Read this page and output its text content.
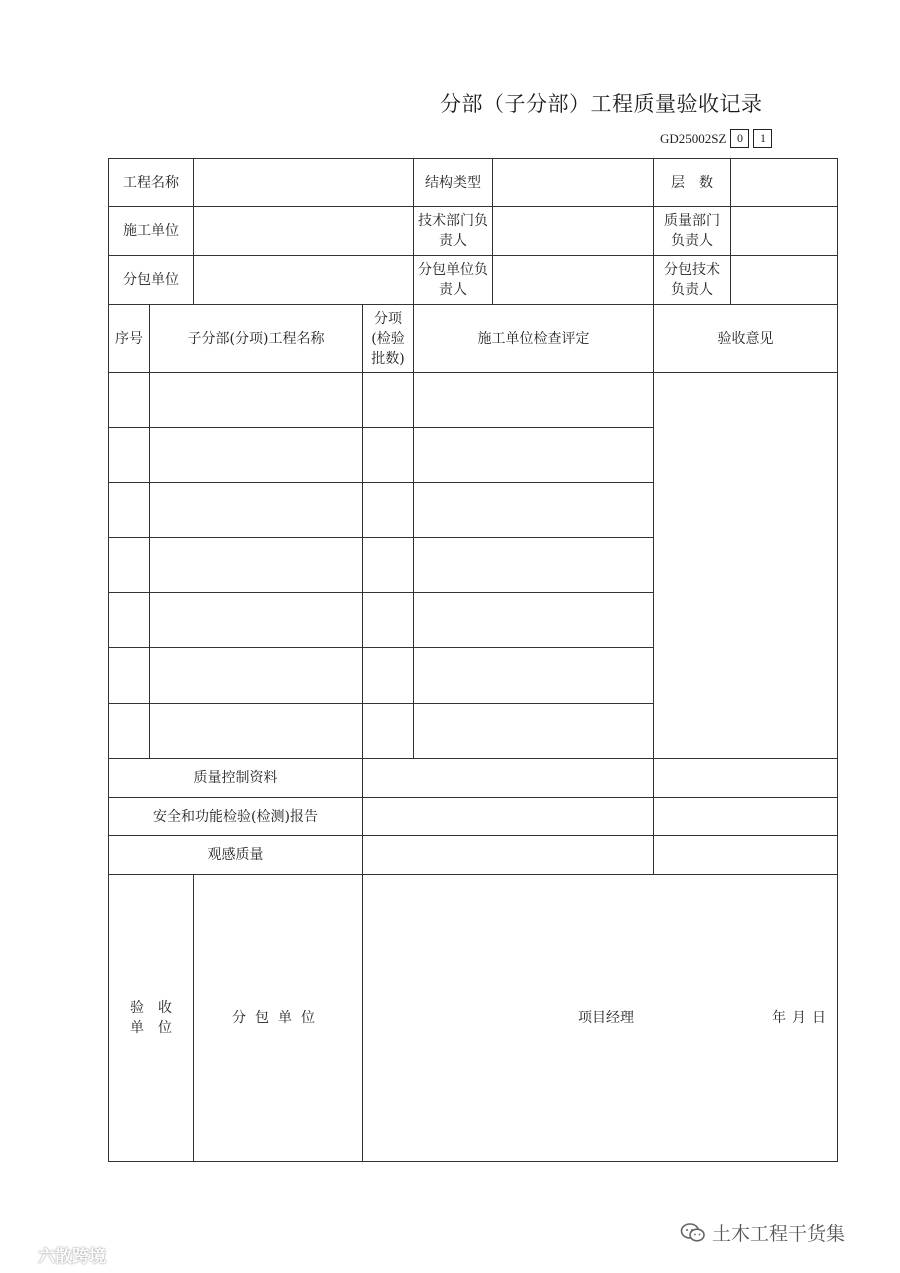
分部（子分部）工程质量验收记录
GD25002SZ 0	1
工程名称				结构类型		层　数	
施工单位				技术部门负责人		质量部门负责人	
分包单位				分包单位负责人		分包技术负责人	
序号	子分部(分项)工程名称		分项(检验批数)	施工单位检查评定		验收意见	

质量控制资料							
安全和功能检验(检测)报告							
观感质量							

验　收
单　位		分包单位	项目经理 年月日				
六散跨境
土木工程干货集
